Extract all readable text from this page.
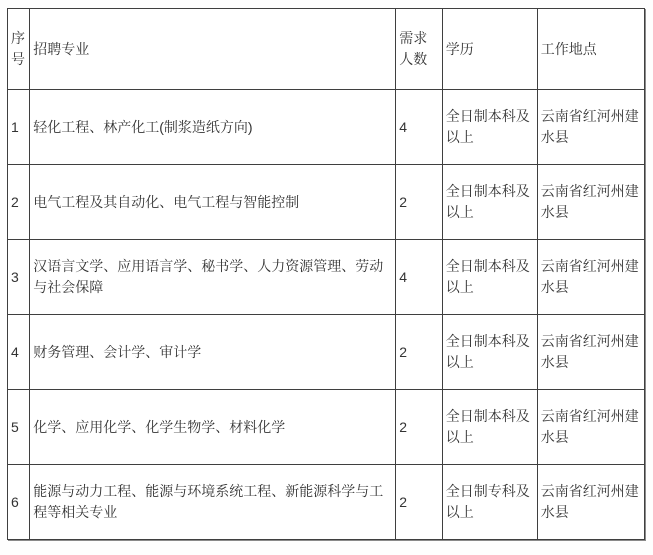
序号	招聘专业	需求人数	学历	工作地点
1	轻化工程、林产化工(制浆造纸方向)	4	全日制本科及以上	云南省红河州建水县
2	电气工程及其自动化、电气工程与智能控制	2	全日制本科及以上	云南省红河州建水县
3	汉语言文学、应用语言学、秘书学、人力资源管理、劳动与社会保障	4	全日制本科及以上	云南省红河州建水县
4	财务管理、会计学、审计学	2	全日制本科及以上	云南省红河州建水县
5	化学、应用化学、化学生物学、材料化学	2	全日制本科及以上	云南省红河州建水县
6	能源与动力工程、能源与环境系统工程、新能源科学与工程等相关专业	2	全日制专科及以上	云南省红河州建水县
